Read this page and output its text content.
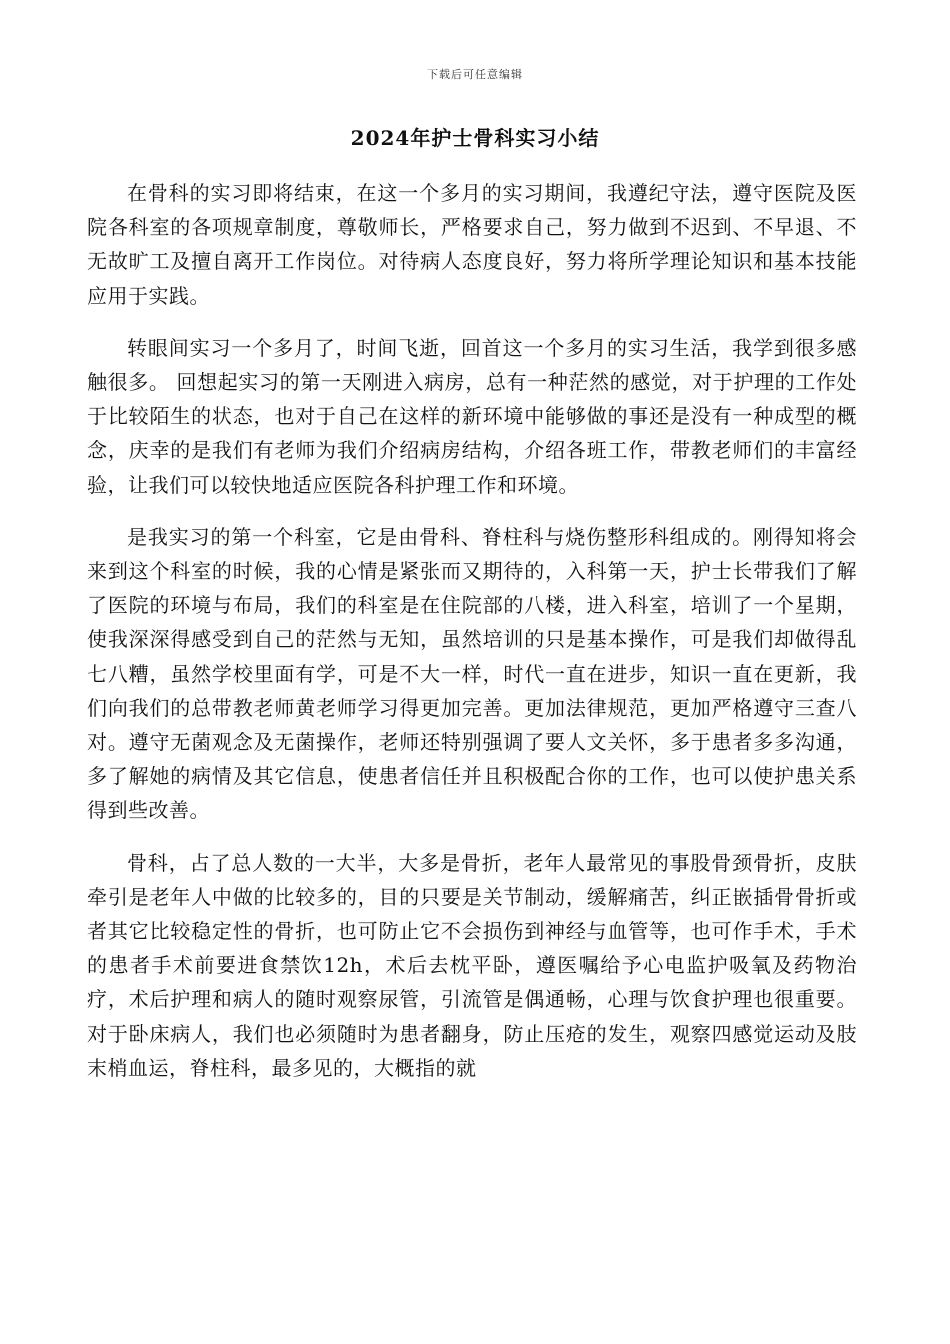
下载后可任意编辑
2024年护士骨科实习小结

在骨科的实习即将结束，在这一个多月的实习期间，我遵纪守法，遵守医院及医院各科室的各项规章制度，尊敬师长，严格要求自己，努力做到不迟到、不早退、不无故旷工及擅自离开工作岗位。对待病人态度良好，努力将所学理论知识和基本技能应用于实践。

转眼间实习一个多月了，时间飞逝，回首这一个多月的实习生活，我学到很多感触很多。 回想起实习的第一天刚进入病房，总有一种茫然的感觉，对于护理的工作处于比较陌生的状态，也对于自己在这样的新环境中能够做的事还是没有一种成型的概念，庆幸的是我们有老师为我们介绍病房结构，介绍各班工作，带教老师们的丰富经验，让我们可以较快地适应医院各科护理工作和环境。

是我实习的第一个科室，它是由骨科、脊柱科与烧伤整形科组成的。刚得知将会来到这个科室的时候，我的心情是紧张而又期待的，入科第一天，护士长带我们了解了医院的环境与布局，我们的科室是在住院部的八楼，进入科室，培训了一个星期，使我深深得感受到自己的茫然与无知，虽然培训的只是基本操作，可是我们却做得乱七八糟，虽然学校里面有学，可是不大一样，时代一直在进步，知识一直在更新，我们向我们的总带教老师黄老师学习得更加完善。更加法律规范，更加严格遵守三查八对。遵守无菌观念及无菌操作，老师还特别强调了要人文关怀，多于患者多多沟通，多了解她的病情及其它信息，使患者信任并且积极配合你的工作，也可以使护患关系得到些改善。

骨科，占了总人数的一大半，大多是骨折，老年人最常见的事股骨颈骨折，皮肤牵引是老年人中做的比较多的，目的只要是关节制动，缓解痛苦，纠正嵌插骨骨折或者其它比较稳定性的骨折，也可防止它不会损伤到神经与血管等，也可作手术，手术的患者手术前要进食禁饮12h，术后去枕平卧，遵医嘱给予心电监护吸氧及药物治疗，术后护理和病人的随时观察尿管，引流管是偶通畅，心理与饮食护理也很重要。对于卧床病人，我们也必须随时为患者翻身，防止压疮的发生，观察四感觉运动及肢末梢血运，脊柱科，最多见的，大概指的就
